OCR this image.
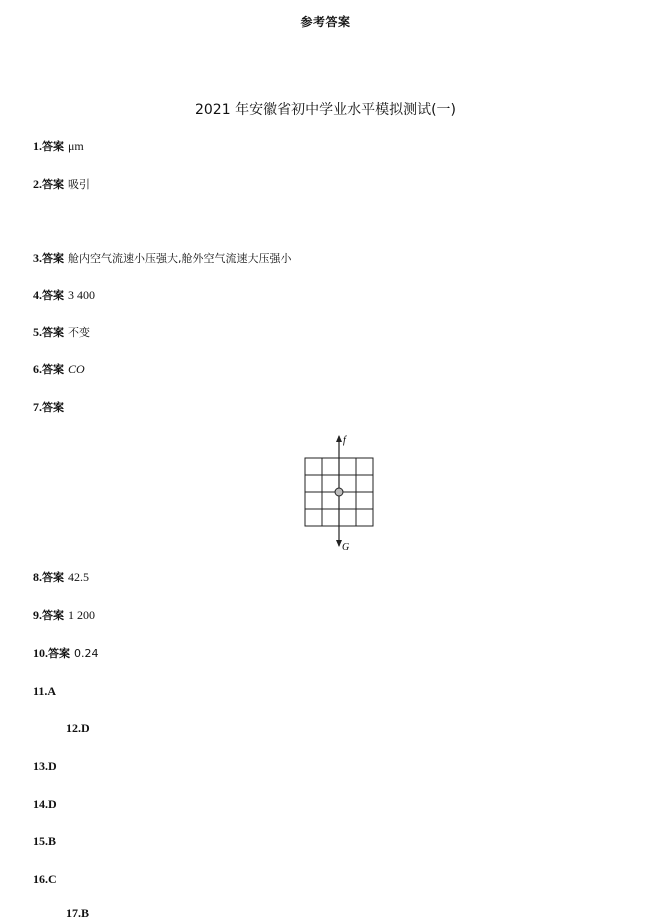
参考答案
2021 年安徽省初中学业水平模拟测试(一)
1.答案 μm
2.答案 吸引
3.答案 舱内空气流速小压强大,舱外空气流速大压强小
4.答案 3 400
5.答案 不变
6.答案 CO
7.答案
f
G
8.答案 42.5
9.答案 1 200
10.答案 0.24
11.A
12.D
13.D
14.D
15.B
16.C
17.B
